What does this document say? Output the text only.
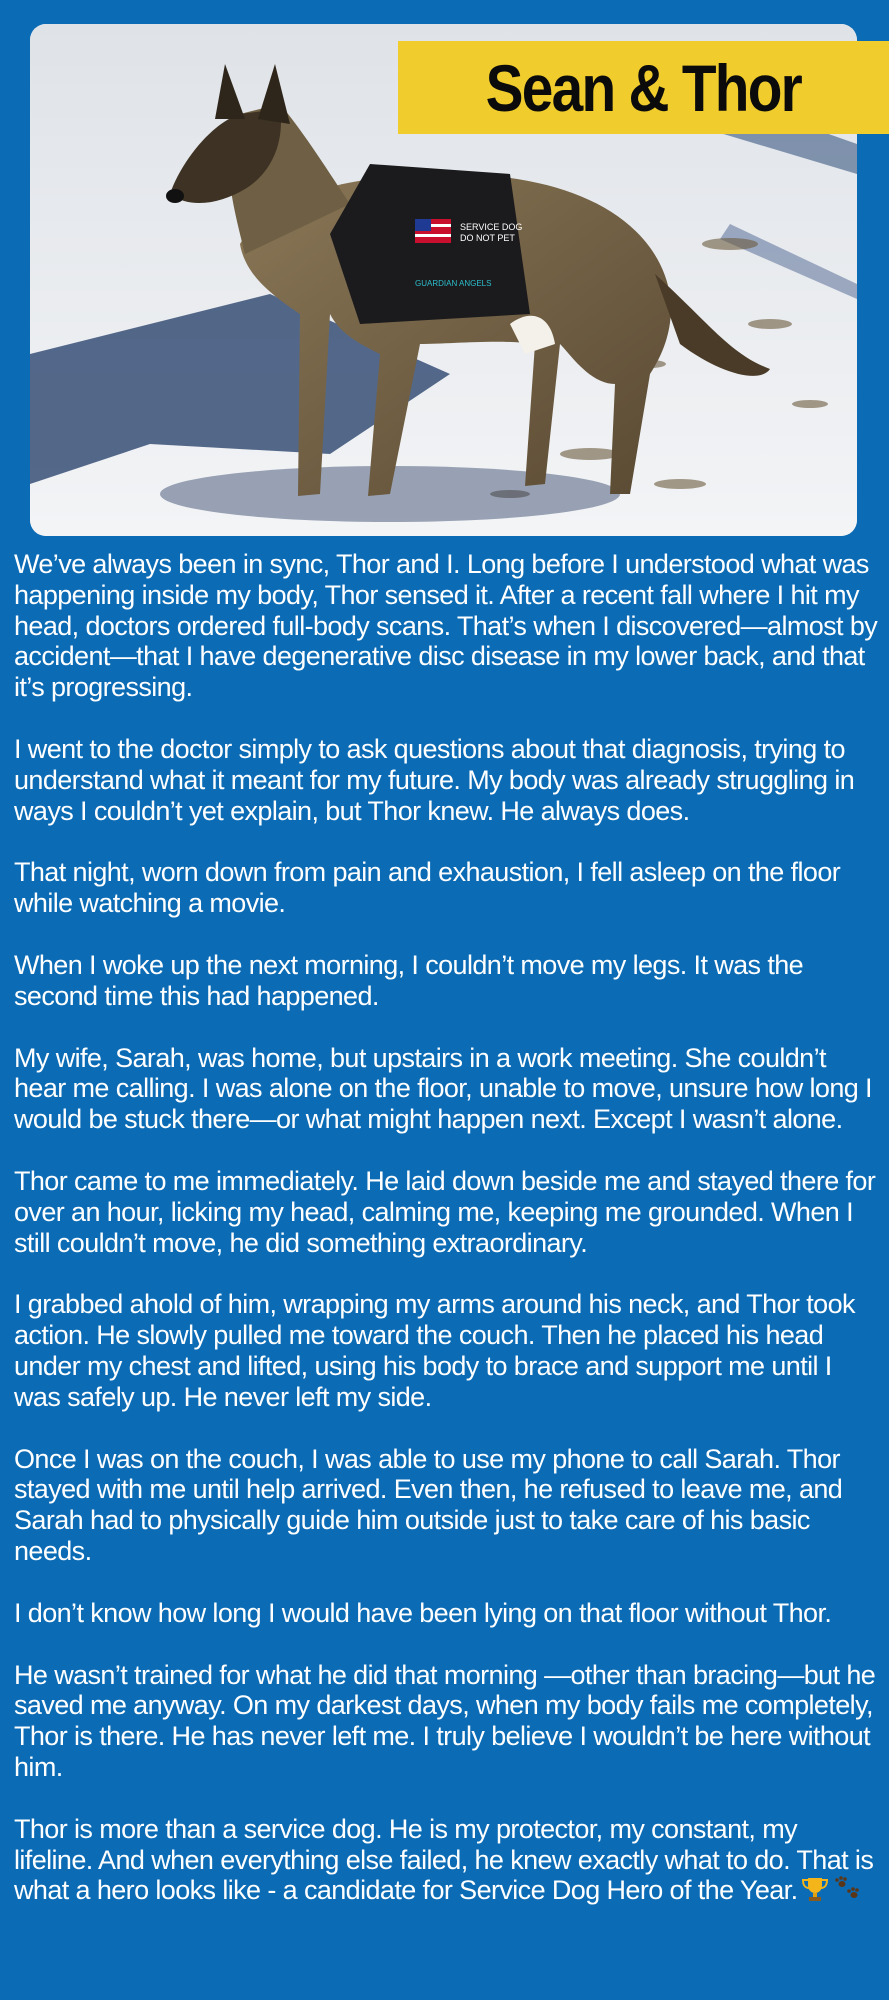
SERVICE DOG
DO NOT PET
GUARDIAN ANGELS
Sean & Thor

We’ve always been in sync, Thor and I. Long before I understood what was happening inside my body, Thor sensed it. After a recent fall where I hit my head, doctors ordered full-body scans. That’s when I discovered—almost by accident—that I have degenerative disc disease in my lower back, and that it’s progressing.

I went to the doctor simply to ask questions about that diagnosis, trying to understand what it meant for my future. My body was already struggling in ways I couldn’t yet explain, but Thor knew. He always does.

That night, worn down from pain and exhaustion, I fell asleep on the floor while watching a movie.

When I woke up the next morning, I couldn’t move my legs. It was the second time this had happened.

My wife, Sarah, was home, but upstairs in a work meeting. She couldn’t hear me calling. I was alone on the floor, unable to move, unsure how long I would be stuck there—or what might happen next. Except I wasn’t alone.

Thor came to me immediately. He laid down beside me and stayed there for over an hour, licking my head, calming me, keeping me grounded. When I still couldn’t move, he did something extraordinary.

I grabbed ahold of him, wrapping my arms around his neck, and Thor took action. He slowly pulled me toward the couch. Then he placed his head under my chest and lifted, using his body to brace and support me until I was safely up. He never left my side.

Once I was on the couch, I was able to use my phone to call Sarah. Thor stayed with me until help arrived. Even then, he refused to leave me, and Sarah had to physically guide him outside just to take care of his basic needs.

I don’t know how long I would have been lying on that floor without Thor.

He wasn’t trained for what he did that morning —other than bracing—but he saved me anyway. On my darkest days, when my body fails me completely, Thor is there. He has never left me. I truly believe I wouldn’t be here without him.

Thor is more than a service dog. He is my protector, my constant, my lifeline. And when everything else failed, he knew exactly what to do. That is what a hero looks like - a candidate for Service Dog Hero of the Year.
